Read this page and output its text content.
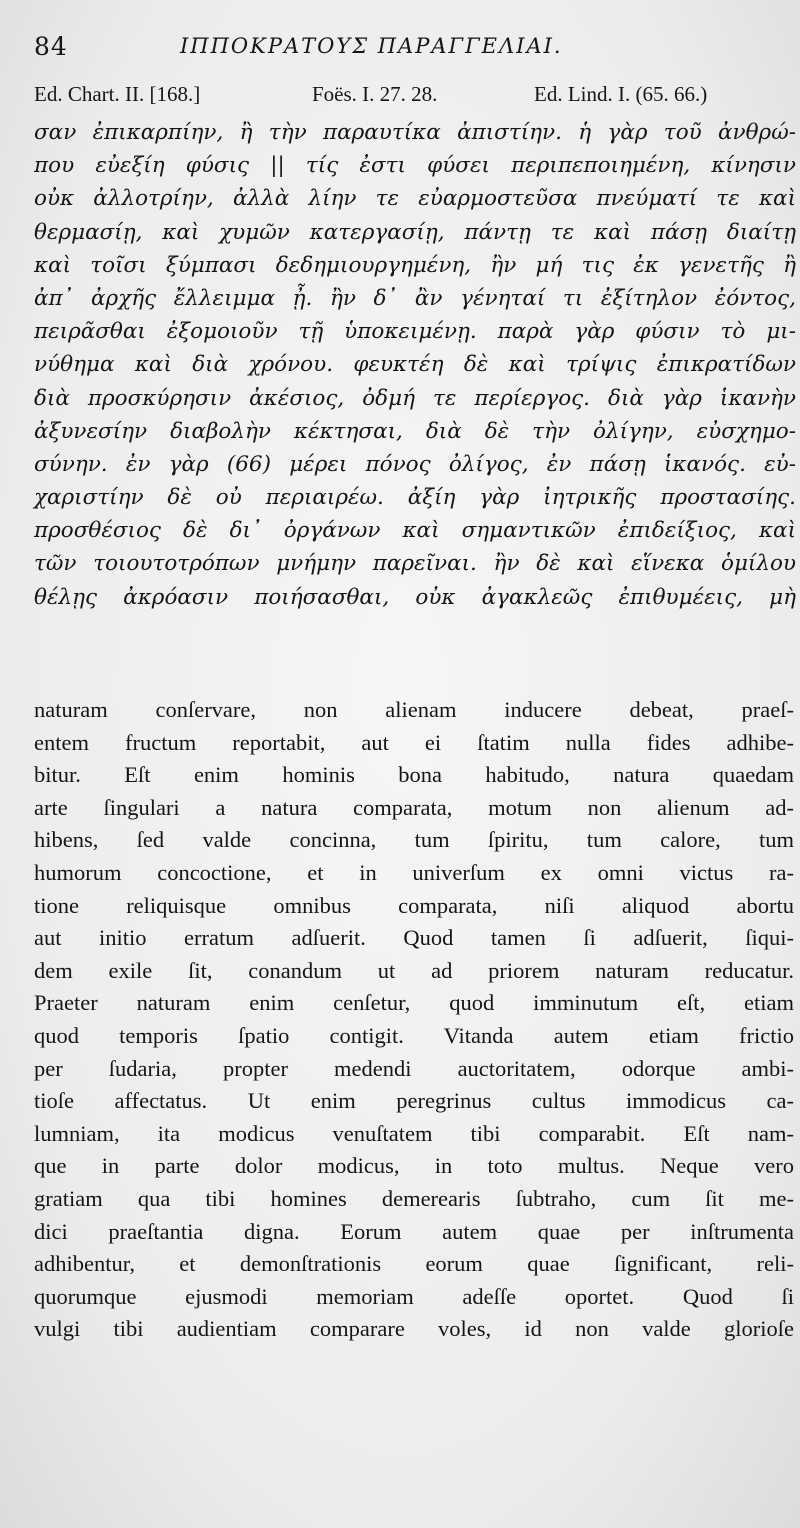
84	ΙΠΠΟΚΡΑΤΟΥΣ ΠΑΡΑΓΓΕΛΙΑΙ.
Ed. Chart. II. [168.]	Foës. I. 27. 28.	Ed. Lind. I. (65. 66.)
σαν ἐπικαρπίην, ἢ τὴν παραυτίκα ἀπιστίην. ἡ γὰρ τοῦ ἀνθρώ-
που εὐεξίη φύσις || τίς ἐστι φύσει περιπεποιημένη, κίνησιν
οὐκ ἀλλοτρίην, ἀλλὰ λίην τε εὐαρμοστεῦσα πνεύματί τε καὶ
θερμασίῃ, καὶ χυμῶν κατεργασίῃ, πάντῃ τε καὶ πάσῃ διαίτῃ
καὶ τοῖσι ξύμπασι δεδημιουργημένη, ἢν μή τις ἐκ γενετῆς ἢ
ἀπ᾽ ἀρχῆς ἔλλειμμα ᾖ. ἢν δ᾽ ἂν γένηταί τι ἐξίτηλον ἐόντος,
πειρᾶσθαι ἐξομοιοῦν τῇ ὑποκειμένῃ. παρὰ γὰρ φύσιν τὸ μι-
νύθημα καὶ διὰ χρόνου. φευκτέη δὲ καὶ τρίψις ἐπικρατίδων
διὰ προσκύρησιν ἀκέσιος, ὀδμή τε περίεργος. διὰ γὰρ ἱκανὴν
ἀξυνεσίην διαβολὴν κέκτησαι, διὰ δὲ τὴν ὀλίγην, εὐσχημο-
σύνην. ἐν γὰρ (66) μέρει πόνος ὀλίγος, ἐν πάσῃ ἱκανός. εὐ-
χαριστίην δὲ οὐ περιαιρέω. ἀξίη γὰρ ἰητρικῆς προστασίης.
προσθέσιος δὲ δι᾽ ὀργάνων καὶ σημαντικῶν ἐπιδείξιος, καὶ
τῶν τοιουτοτρόπων μνήμην παρεῖναι. ἢν δὲ καὶ εἵνεκα ὁμίλου
θέλῃς ἀκρόασιν ποιήσασθαι, οὐκ ἀγακλεῶς ἐπιθυμέεις, μὴ
naturam conſervare, non alienam inducere debeat, praeſ-
entem fructum reportabit, aut ei ſtatim nulla fides adhibe-
bitur. Eſt enim hominis bona habitudo, natura quaedam
arte ſingulari a natura comparata, motum non alienum ad-
hibens, ſed valde concinna, tum ſpiritu, tum calore, tum
humorum concoctione, et in univerſum ex omni victus ra-
tione reliquisque omnibus comparata, niſi aliquod abortu
aut initio erratum adſuerit. Quod tamen ſi adſuerit, ſiqui-
dem exile ſit, conandum ut ad priorem naturam reducatur.
Praeter naturam enim cenſetur, quod imminutum eſt, etiam
quod temporis ſpatio contigit. Vitanda autem etiam frictio
per ſudaria, propter medendi auctoritatem, odorque ambi-
tioſe affectatus. Ut enim peregrinus cultus immodicus ca-
lumniam, ita modicus venuſtatem tibi comparabit. Eſt nam-
que in parte dolor modicus, in toto multus. Neque vero
gratiam qua tibi homines demerearis ſubtraho, cum ſit me-
dici praeſtantia digna. Eorum autem quae per inſtrumenta
adhibentur, et demonſtrationis eorum quae ſignificant, reli-
quorumque ejusmodi memoriam adeſſe oportet. Quod ſi
vulgi tibi audientiam comparare voles, id non valde glorioſe
